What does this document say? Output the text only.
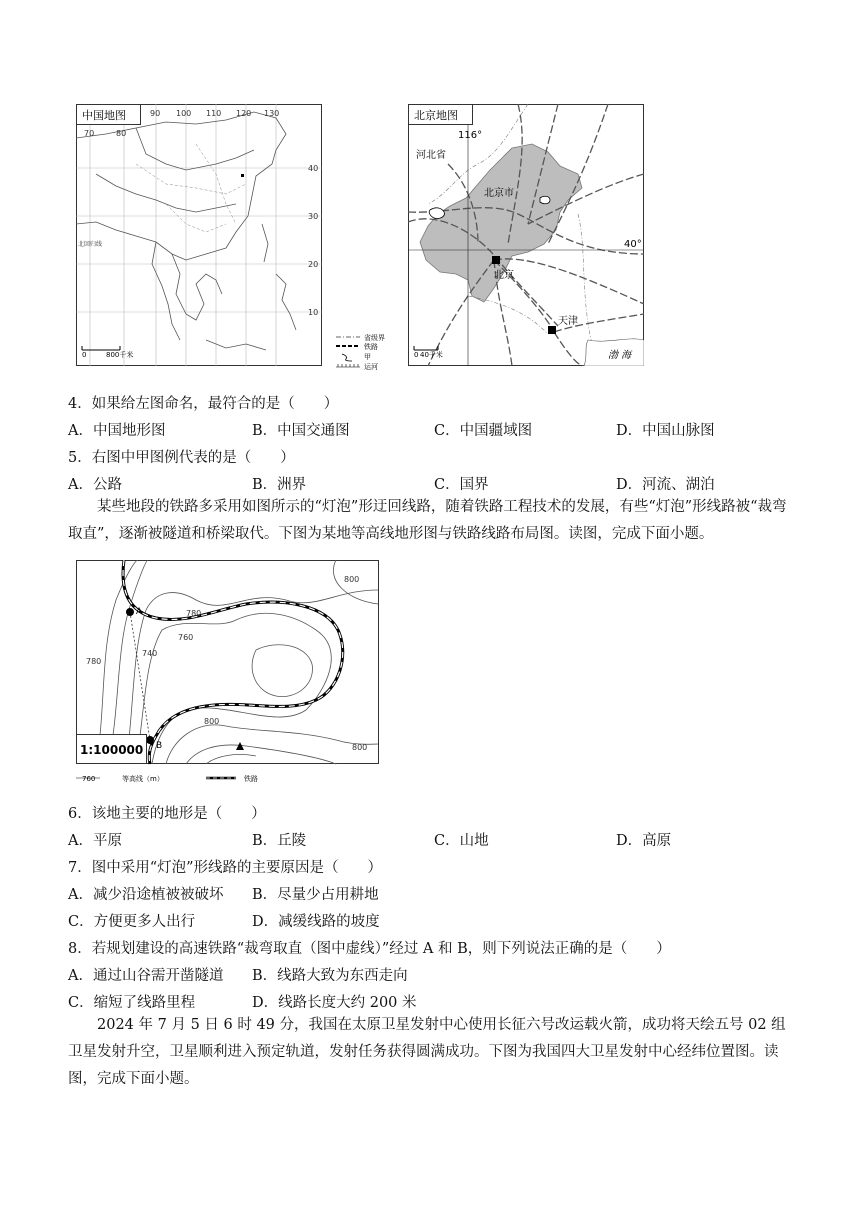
中国地图
70	80
90 100 110 120 130
40
30
20
10
北回归线
0	800千米
省级界
铁路
甲
运河
北京地图
116°
河北省
北京市
40°
北京
天津
渤 海
0 40千米
4．如果给左图命名，最符合的是（　　）
A．中国地形图	B．中国交通图	C．中国疆域图	D．中国山脉图
5．右图中甲图例代表的是（　　）
A．公路	B．洲界	C．国界	D．河流、湖泊
某些地段的铁路多采用如图所示的“灯泡”形迂回线路，随着铁路工程技术的发展，有些“灯泡”形线路被“裁弯取直”，逐渐被隧道和桥梁取代。下图为某地等高线地形图与铁路线路布局图。读图，完成下面小题。
A
B
800
780
760
740
780
800
800
1:100000
760	等高线（m）	铁路
6．该地主要的地形是（　　）
A．平原	B．丘陵	C．山地	D．高原
7．图中采用“灯泡”形线路的主要原因是（　　）
A．减少沿途植被被破坏 B．尽量少占用耕地
C．方便更多人出行	D．减缓线路的坡度
8．若规划建设的高速铁路“裁弯取直（图中虚线）”经过 A 和 B，则下列说法正确的是（　　）
A．通过山谷需开凿隧道 B．线路大致为东西走向
C．缩短了线路里程	D．线路长度大约 200 米
2024 年 7 月 5 日 6 时 49 分，我国在太原卫星发射中心使用长征六号改运载火箭，成功将天绘五号 02 组卫星发射升空，卫星顺利进入预定轨道，发射任务获得圆满成功。下图为我国四大卫星发射中心经纬位置图。读图，完成下面小题。
